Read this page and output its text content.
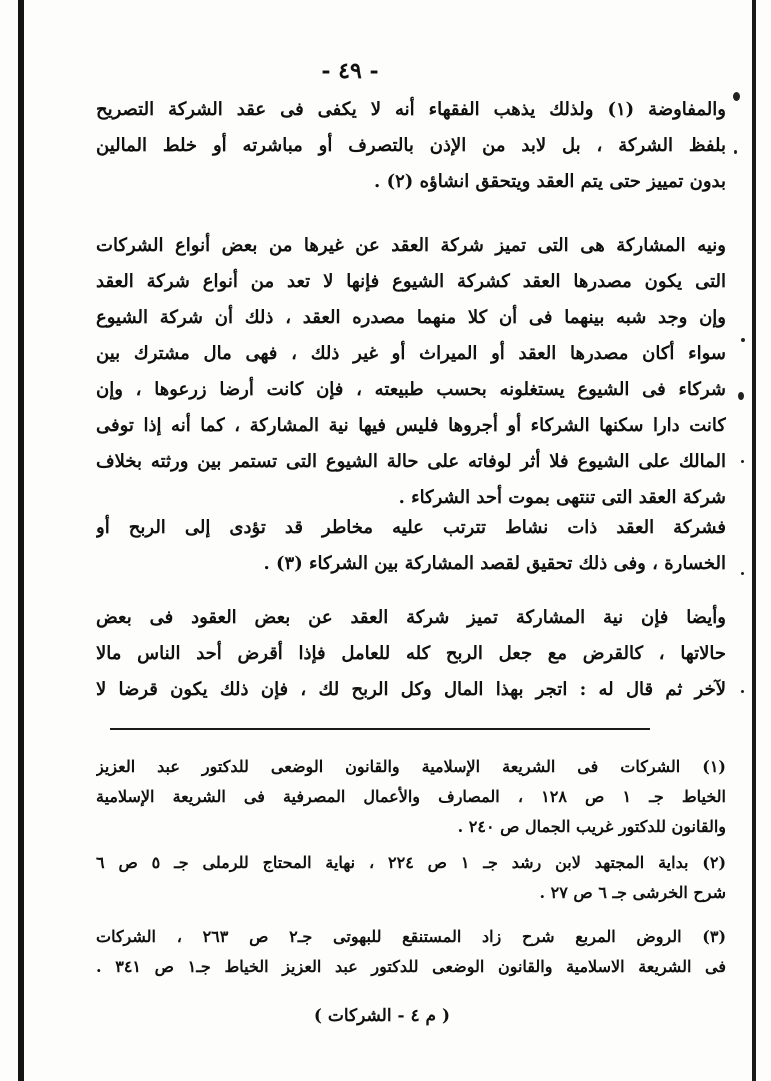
- ٤٩ -
والمفاوضة (١) ولذلك يذهب الفقهاء أنه لا يكفى فى عقد الشركة التصريح
بلفظ الشركة ، بل لابد من الإذن بالتصرف أو مباشرته أو خلط المالين
بدون تمييز حتى يتم العقد ويتحقق انشاؤه (٢) .
ونيه المشاركة هى التى تميز شركة العقد عن غيرها من بعض أنواع الشركات
التى يكون مصدرها العقد كشركة الشيوع فإنها لا تعد من أنواع شركة العقد
وإن وجد شبه بينهما فى أن كلا منهما مصدره العقد ، ذلك أن شركة الشيوع
سواء أكان مصدرها العقد أو الميراث أو غير ذلك ، فهى مال مشترك بين
شركاء فى الشيوع يستغلونه بحسب طبيعته ، فإن كانت أرضا زرعوها ، وإن
كانت دارا سكنها الشركاء أو أجروها فليس فيها نية المشاركة ، كما أنه إذا توفى
المالك على الشيوع فلا أثر لوفاته على حالة الشيوع التى تستمر بين ورثته بخلاف
شركة العقد التى تنتهى بموت أحد الشركاء .
فشركة العقد ذات نشاط تترتب عليه مخاطر قد تؤدى إلى الربح أو
الخسارة ، وفى ذلك تحقيق لقصد المشاركة بين الشركاء (٣) .
وأيضا فإن نية المشاركة تميز شركة العقد عن بعض العقود فى بعض
حالاتها ، كالقرض مع جعل الربح كله للعامل فإذا أقرض أحد الناس مالا
لآخر ثم قال له : اتجر بهذا المال وكل الربح لك ، فإن ذلك يكون قرضا لا
(١) الشركات فى الشريعة الإسلامية والقانون الوضعى للدكتور عبد العزيز
الخياط جـ ١ ص ١٢٨ ، المصارف والأعمال المصرفية فى الشريعة الإسلامية
والقانون للدكتور غريب الجمال ص ٢٤٠ .
(٢) بداية المجتهد لابن رشد جـ ١ ص ٢٢٤ ، نهاية المحتاج للرملى جـ ٥ ص ٦
شرح الخرشى جـ ٦ ص ٢٧ .
(٣) الروض المربع شرح زاد المستنقع للبهوتى جـ٢ ص ٢٦٣ ، الشركات
فى الشريعة الاسلامية والقانون الوضعى للدكتور عبد العزيز الخياط جـ١ ص ٣٤١ .
( م ٤ - الشركات )
